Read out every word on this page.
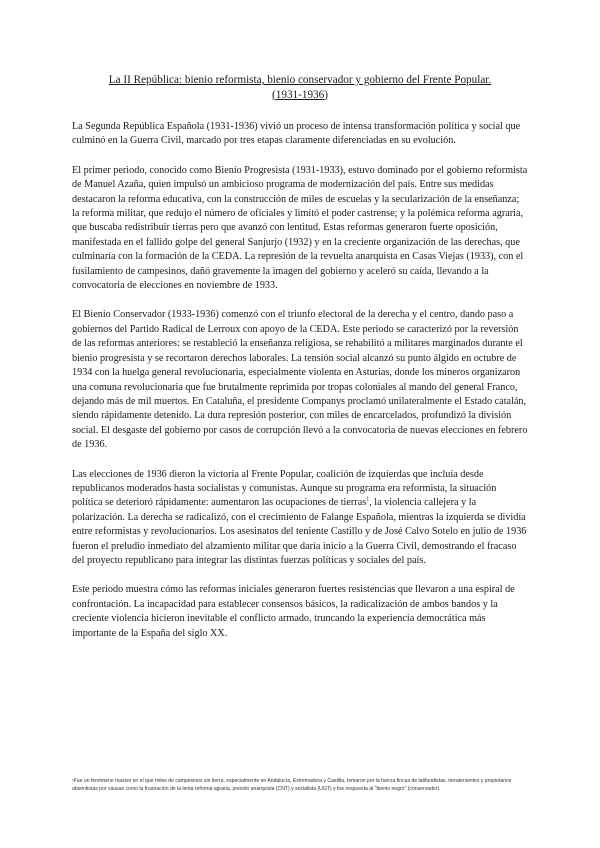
La II República: bienio reformista, bienio conservador y gobierno del Frente Popular.
(1931-1936)

La Segunda República Española (1931-1936) vivió un proceso de intensa transformación política y social que culminó en la Guerra Civil, marcado por tres etapas claramente diferenciadas en su evolución.

El primer periodo, conocido como Bienio Progresista (1931-1933), estuvo dominado por el gobierno reformista de Manuel Azaña, quien impulsó un ambicioso programa de modernización del país. Entre sus medidas destacaron la reforma educativa, con la construcción de miles de escuelas y la secularización de la enseñanza; la reforma militar, que redujo el número de oficiales y limitó el poder castrense; y la polémica reforma agraria, que buscaba redistribuir tierras pero que avanzó con lentitud. Estas reformas generaron fuerte oposición, manifestada en el fallido golpe del general Sanjurjo (1932) y en la creciente organización de las derechas, que culminaría con la formación de la CEDA. La represión de la revuelta anarquista en Casas Viejas (1933), con el fusilamiento de campesinos, dañó gravemente la imagen del gobierno y aceleró su caída, llevando a la convocatoria de elecciones en noviembre de 1933.

El Bienio Conservador (1933-1936) comenzó con el triunfo electoral de la derecha y el centro, dando paso a gobiernos del Partido Radical de Lerroux con apoyo de la CEDA. Este periodo se caracterizó por la reversión de las reformas anteriores: se restableció la enseñanza religiosa, se rehabilitó a militares marginados durante el bienio progresista y se recortaron derechos laborales. La tensión social alcanzó su punto álgido en octubre de 1934 con la huelga general revolucionaria, especialmente violenta en Asturias, donde los mineros organizaron una comuna revolucionaria que fue brutalmente reprimida por tropas coloniales al mando del general Franco, dejando más de mil muertos. En Cataluña, el presidente Companys proclamó unilateralmente el Estado catalán, siendo rápidamente detenido. La dura represión posterior, con miles de encarcelados, profundizó la división social. El desgaste del gobierno por casos de corrupción llevó a la convocatoria de nuevas elecciones en febrero de 1936.

Las elecciones de 1936 dieron la victoria al Frente Popular, coalición de izquierdas que incluía desde republicanos moderados hasta socialistas y comunistas. Aunque su programa era reformista, la situación política se deterioró rápidamente: aumentaron las ocupaciones de tierras$^1$, la violencia callejera y la polarización. La derecha se radicalizó, con el crecimiento de Falange Española, mientras la izquierda se dividía entre reformistas y revolucionarios. Los asesinatos del teniente Castillo y de José Calvo Sotelo en julio de 1936 fueron el preludio inmediato del alzamiento militar que daría inicio a la Guerra Civil, demostrando el fracaso del proyecto republicano para integrar las distintas fuerzas políticas y sociales del país.

Este periodo muestra cómo las reformas iniciales generaron fuertes resistencias que llevaron a una espiral de confrontación. La incapacidad para establecer consensos básicos, la radicalización de ambos bandos y la creciente violencia hicieron inevitable el conflicto armado, truncando la experiencia democrática más importante de la España del siglo XX.

¹Fue un fenómeno masivo en el que miles de campesinos sin tierra, especialmente en Andalucía, Extremadura y Castilla, tomaron por la fuerza fincas de latifundistas, terratenientes y propietarios absentistas por causas como la frustración de la lenta reforma agraria, presión anarquista (CNT) y socialista (UGT) y fue respuesta al "bienio negro" (conservador).
